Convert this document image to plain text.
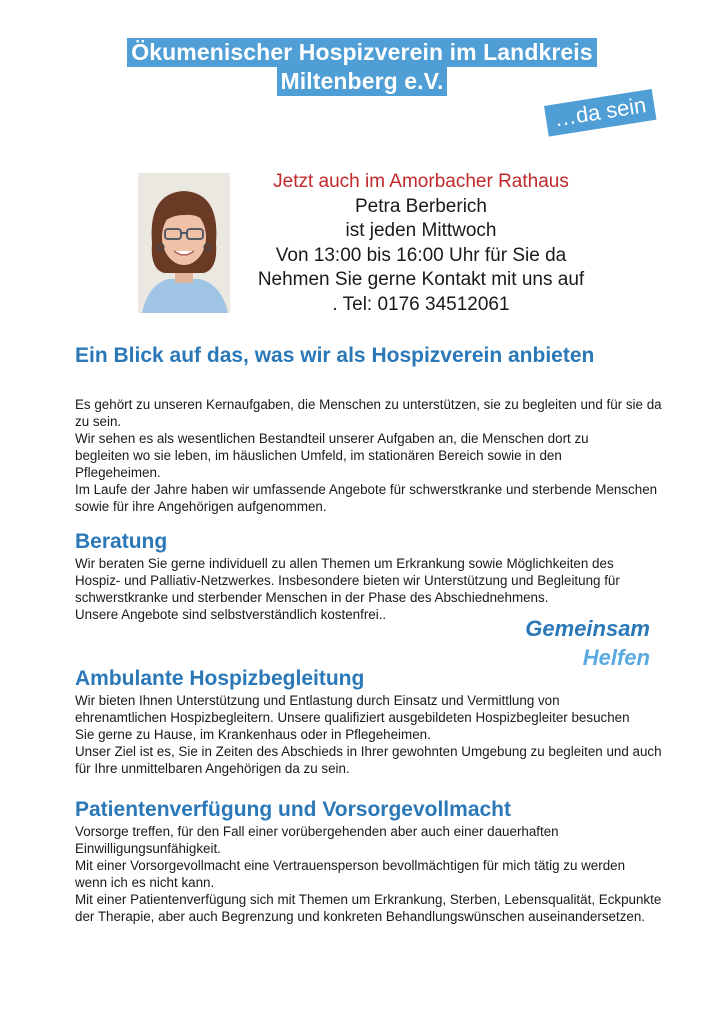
Ökumenischer Hospizverein im Landkreis
Miltenberg e.V.
…da sein
Jetzt auch im Amorbacher Rathaus
Petra Berberich
ist jeden Mittwoch
Von 13:00 bis 16:00 Uhr für Sie da
Nehmen Sie gerne Kontakt mit uns auf
. Tel: 0176 34512061
Ein Blick auf das, was wir als Hospizverein anbieten

Es gehört zu unseren Kernaufgaben, die Menschen zu unterstützen, sie zu begleiten und für sie da zu sein.

Wir sehen es als wesentlichen Bestandteil unserer Aufgaben an, die Menschen dort zu begleiten wo sie leben, im häuslichen Umfeld, im stationären Bereich sowie in den Pflegeheimen.

Im Laufe der Jahre haben wir umfassende Angebote für schwerstkranke und sterbende Menschen sowie für ihre Angehörigen aufgenommen.

Beratung

Wir beraten Sie gerne individuell zu allen Themen um Erkrankung sowie Möglichkeiten des Hospiz- und Palliativ-Netzwerkes. Insbesondere bieten wir Unterstützung und Begleitung für schwerstkranke und sterbender Menschen in der Phase des Abschiednehmens.

Unsere Angebote sind selbstverständlich kostenfrei..

Gemeinsam
Helfen
Ambulante Hospizbegleitung

Wir bieten Ihnen Unterstützung und Entlastung durch Einsatz und Vermittlung von ehrenamtlichen Hospizbegleitern. Unsere qualifiziert ausgebildeten Hospizbegleiter besuchen Sie gerne zu Hause, im Krankenhaus oder in Pflegeheimen.

Unser Ziel ist es, Sie in Zeiten des Abschieds in Ihrer gewohnten Umgebung zu begleiten und auch für Ihre unmittelbaren Angehörigen da zu sein.

Patientenverfügung und Vorsorgevollmacht

Vorsorge treffen, für den Fall einer vorübergehenden aber auch einer dauerhaften Einwilligungsunfähigkeit.

Mit einer Vorsorgevollmacht eine Vertrauensperson bevollmächtigen für mich tätig zu werden wenn ich es nicht kann.

Mit einer Patientenverfügung sich mit Themen um Erkrankung, Sterben, Lebensqualität, Eckpunkte der Therapie, aber auch Begrenzung und konkreten Behandlungswünschen auseinandersetzen.
